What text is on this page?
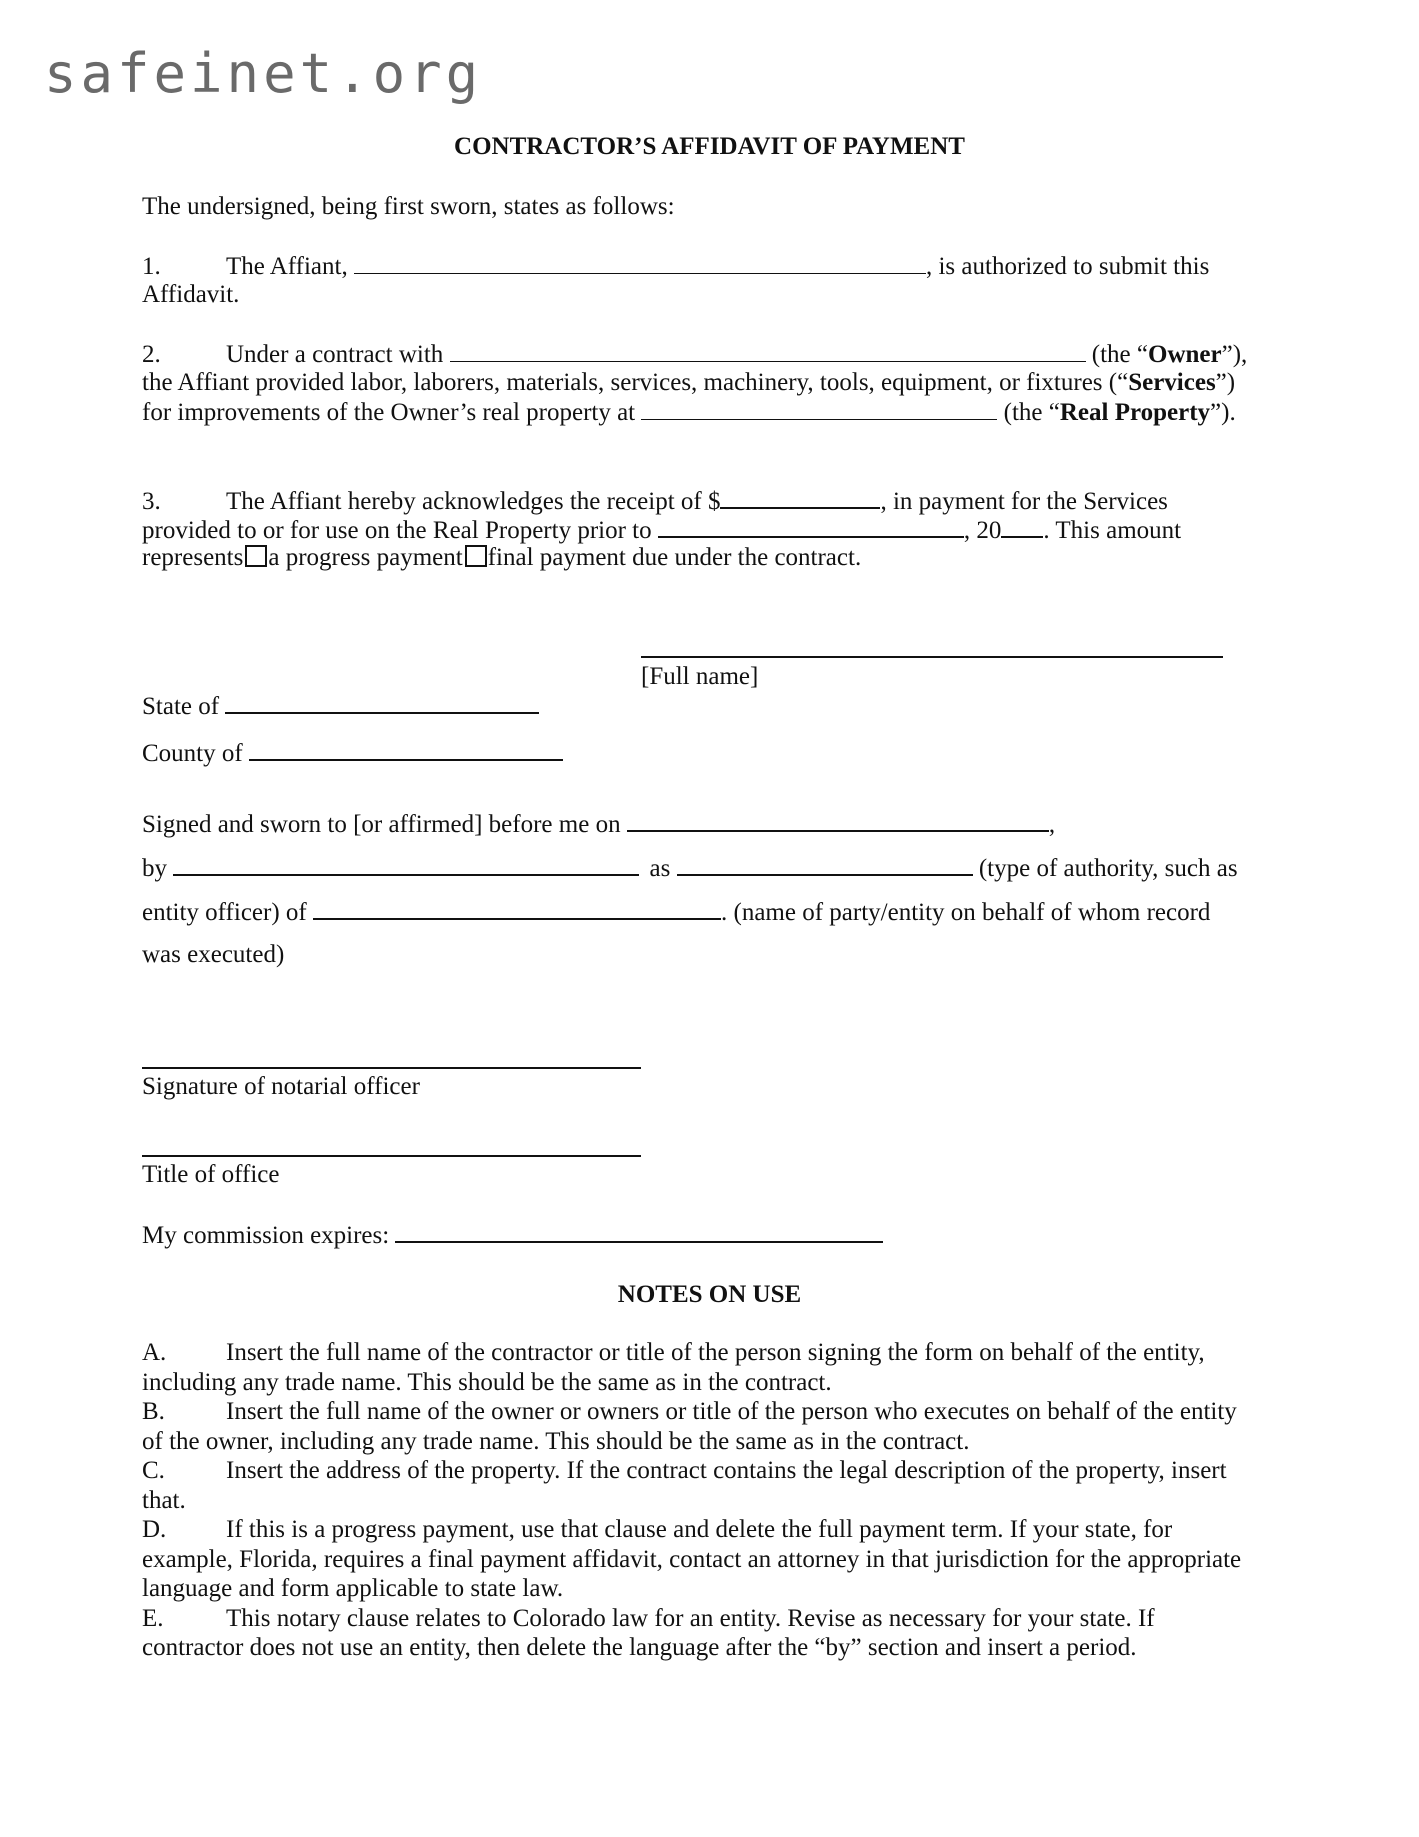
safeinet.org
CONTRACTOR’S AFFIDAVIT OF PAYMENT
The undersigned, being first sworn, states as follows:
1.	The Affiant,	, is authorized to submit this
Affidavit.
2.	Under a contract with	(the “Owner”),
the Affiant provided labor, laborers, materials, services, machinery, tools, equipment, or fixtures (“Services”)
for improvements of the Owner’s real property at	(the “Real Property”).
3.	The Affiant hereby acknowledges the receipt of $	, in payment for the Services
provided to or for use on the Real Property prior to	, 20 . This amount
represents a progress payment final payment due under the contract.
[Full name]
State of
County of
Signed and sworn to [or affirmed] before me on	,
by	as	(type of authority, such as
entity officer) of	. (name of party/entity on behalf of whom record
was executed)
Signature of notarial officer
Title of office
My commission expires:
NOTES ON USE
A. Insert the full name of the contractor or title of the person signing the form on behalf of the entity,
including any trade name. This should be the same as in the contract.
B. Insert the full name of the owner or owners or title of the person who executes on behalf of the entity
of the owner, including any trade name. This should be the same as in the contract.
C. Insert the address of the property. If the contract contains the legal description of the property, insert
that.
D. If this is a progress payment, use that clause and delete the full payment term. If your state, for
example, Florida, requires a final payment affidavit, contact an attorney in that jurisdiction for the appropriate
language and form applicable to state law.
E. This notary clause relates to Colorado law for an entity. Revise as necessary for your state. If
contractor does not use an entity, then delete the language after the “by” section and insert a period.
